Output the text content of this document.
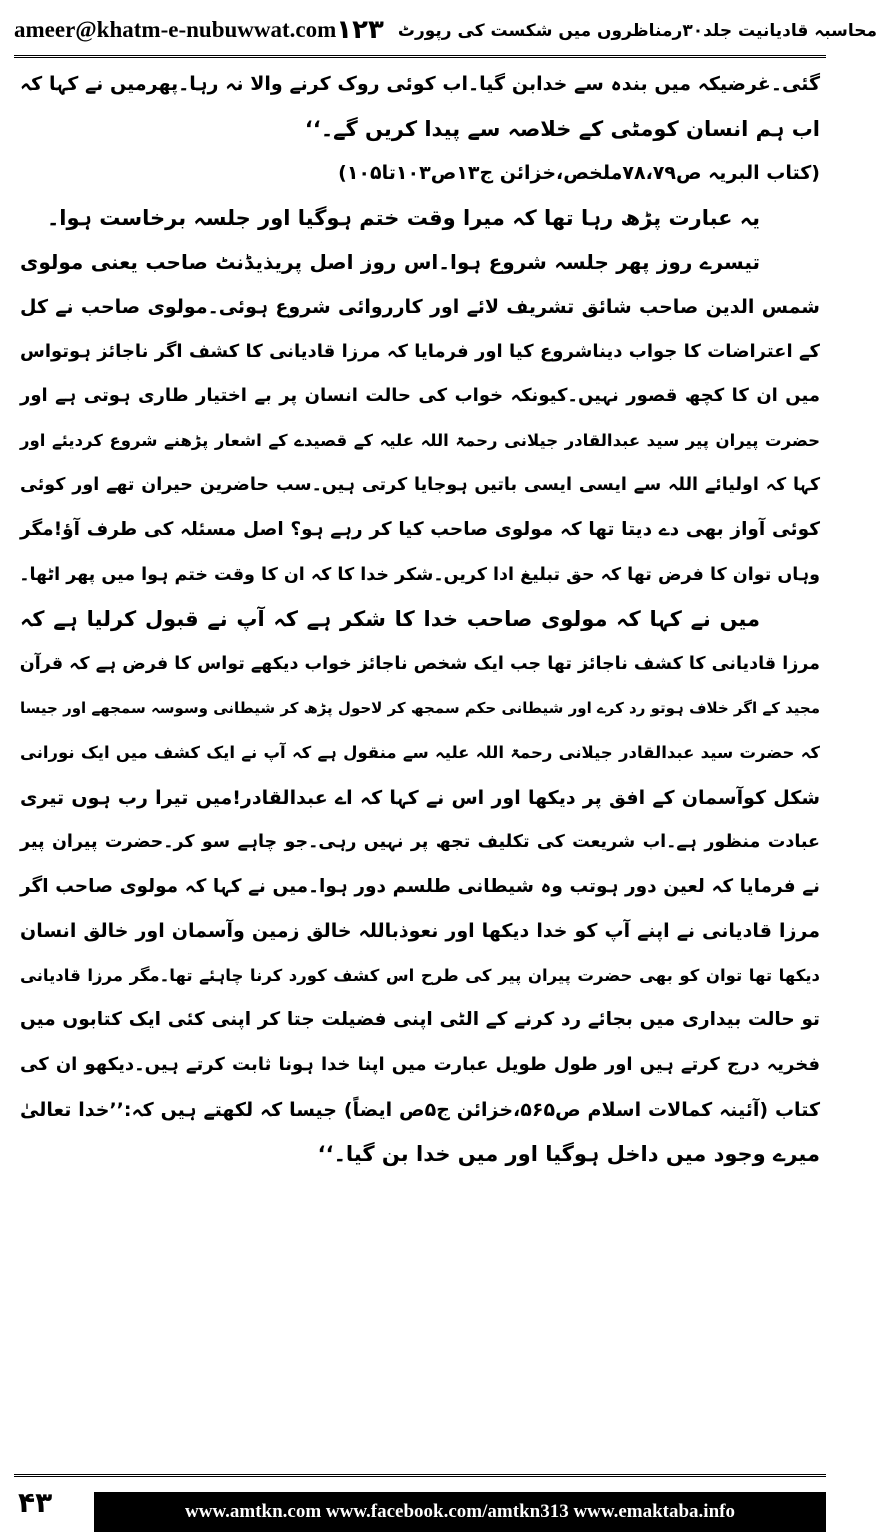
ameer@khatm-e-nubuwwat.com ۱۲۳ محاسبہ قادیانیت جلد۳۰رمناظروں میں شکست کی رپورٹ
گئی۔غرضیکہ میں بندہ سے خدابن گیا۔اب کوئی روک کرنے والا نہ رہا۔پھرمیں نے کہا کہ
اب ہم انسان کومٹی کے خلاصہ سے پیدا کریں گے۔‘‘
(کتاب البریہ ص۷۸،۷۹ملخص،خزائن ج۱۳ص۱۰۳تا۱۰۵)
یہ عبارت پڑھ رہا تھا کہ میرا وقت ختم ہوگیا اور جلسہ برخاست ہوا۔
تیسرے روز پھر جلسہ شروع ہوا۔اس روز اصل پریذیڈنٹ صاحب یعنی مولوی
شمس الدین صاحب شائق تشریف لائے اور کارروائی شروع ہوئی۔مولوی صاحب نے کل
کے اعتراضات کا جواب دیناشروع کیا اور فرمایا کہ مرزا قادیانی کا کشف اگر ناجائز ہوتواس
میں ان کا کچھ قصور نہیں۔کیونکہ خواب کی حالت انسان پر بے اختیار طاری ہوتی ہے اور
حضرت پیران پیر سید عبدالقادر جیلانی رحمۃ اللہ علیہ کے قصیدے کے اشعار پڑھنے شروع کردیئے اور
کہا کہ اولیائے اللہ سے ایسی ایسی باتیں ہوجایا کرتی ہیں۔سب حاضرین حیران تھے اور کوئی
کوئی آواز بھی دے دیتا تھا کہ مولوی صاحب کیا کر رہے ہو؟ اصل مسئلہ کی طرف آؤ!مگر
وہاں توان کا فرض تھا کہ حق تبلیغ ادا کریں۔شکر خدا کا کہ ان کا وقت ختم ہوا میں پھر اٹھا۔
میں نے کہا کہ مولوی صاحب خدا کا شکر ہے کہ آپ نے قبول کرلیا ہے کہ
مرزا قادیانی کا کشف ناجائز تھا جب ایک شخص ناجائز خواب دیکھے تواس کا فرض ہے کہ قرآن
مجید کے اگر خلاف ہوتو رد کرے اور شیطانی حکم سمجھ کر لاحول پڑھ کر شیطانی وسوسہ سمجھے اور جیسا
کہ حضرت سید عبدالقادر جیلانی رحمۃ اللہ علیہ سے منقول ہے کہ آپ نے ایک کشف میں ایک نورانی
شکل کوآسمان کے افق پر دیکھا اور اس نے کہا کہ اے عبدالقادر!میں تیرا رب ہوں تیری
عبادت منظور ہے۔اب شریعت کی تکلیف تجھ پر نہیں رہی۔جو چاہے سو کر۔حضرت پیران پیر
نے فرمایا کہ لعین دور ہوتب وہ شیطانی طلسم دور ہوا۔میں نے کہا کہ مولوی صاحب اگر
مرزا قادیانی نے اپنے آپ کو خدا دیکھا اور نعوذباللہ خالق زمین وآسمان اور خالق انسان
دیکھا تھا توان کو بھی حضرت پیران پیر کی طرح اس کشف کورد کرنا چاہئے تھا۔مگر مرزا قادیانی
تو حالت بیداری میں بجائے رد کرنے کے الٹی اپنی فضیلت جتا کر اپنی کئی ایک کتابوں میں
فخریہ درج کرتے ہیں اور طول طویل عبارت میں اپنا خدا ہونا ثابت کرتے ہیں۔دیکھو ان کی
کتاب (آئینہ کمالات اسلام ص۵۶۵،خزائن ج۵ص ایضاً) جیسا کہ لکھتے ہیں کہ:’’خدا تعالیٰ
میرے وجود میں داخل ہوگیا اور میں خدا بن گیا۔‘‘
۴۳	www.amtkn.com www.facebook.com/amtkn313 www.emaktaba.info
